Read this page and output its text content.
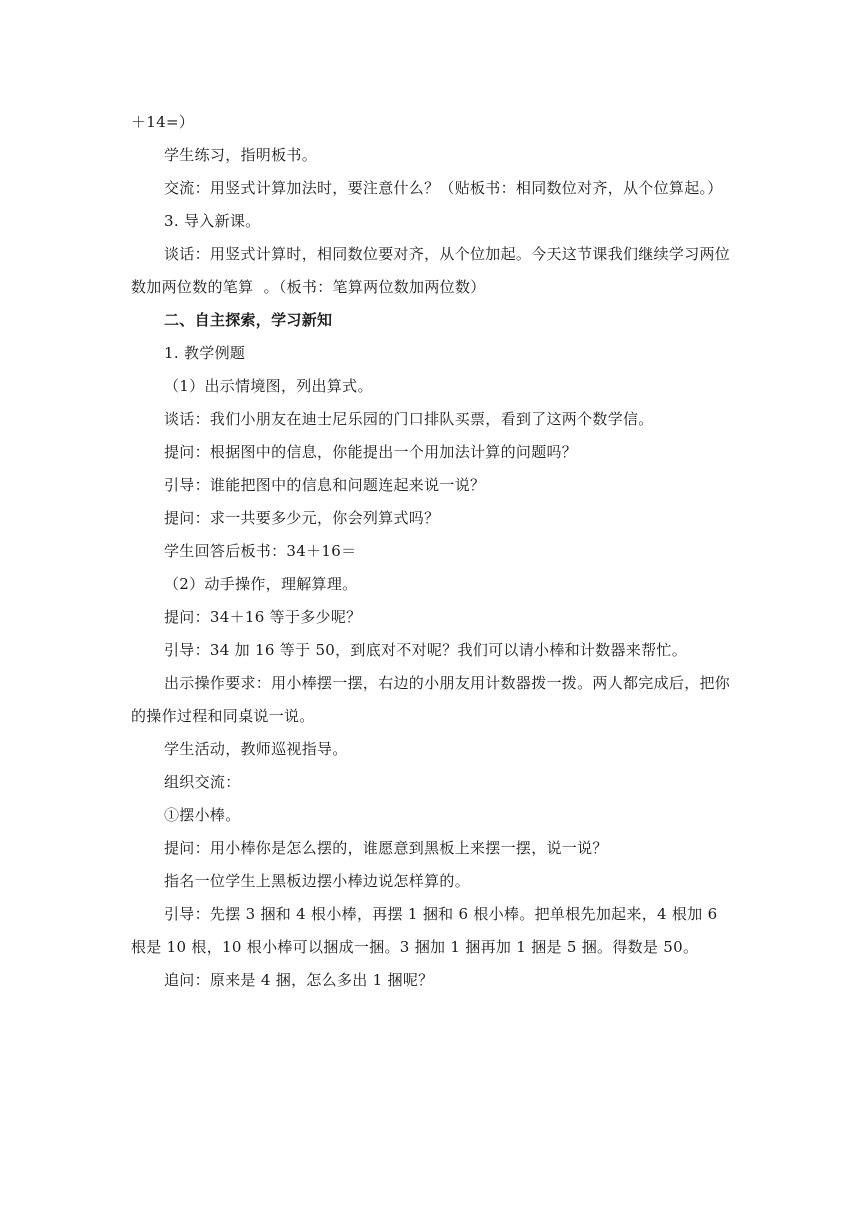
＋14=）

学生练习，指明板书。

交流：用竖式计算加法时，要注意什么？（贴板书：相同数位对齐，从个位算起。）

3. 导入新课。

谈话：用竖式计算时，相同数位要对齐，从个位加起。今天这节课我们继续学习两位数加两位数的笔算  。（板书：笔算两位数加两位数）

二、自主探索，学习新知

1. 教学例题

（1）出示情境图，列出算式。

谈话：我们小朋友在迪士尼乐园的门口排队买票，看到了这两个数学信。

提问：根据图中的信息，你能提出一个用加法计算的问题吗？

引导：谁能把图中的信息和问题连起来说一说？

提问：求一共要多少元，你会列算式吗？

学生回答后板书：34＋16＝

（2）动手操作，理解算理。

提问：34＋16 等于多少呢？

引导：34 加 16 等于 50，到底对不对呢？我们可以请小棒和计数器来帮忙。

出示操作要求：用小棒摆一摆，右边的小朋友用计数器拨一拨。两人都完成后，把你的操作过程和同桌说一说。

学生活动，教师巡视指导。

组织交流：

①摆小棒。

提问：用小棒你是怎么摆的，谁愿意到黑板上来摆一摆，说一说？

指名一位学生上黑板边摆小棒边说怎样算的。

引导：先摆 3 捆和 4 根小棒，再摆 1 捆和 6 根小棒。把单根先加起来，4 根加 6 根是 10 根，10 根小棒可以捆成一捆。3 捆加 1 捆再加 1 捆是 5 捆。得数是 50。

追问：原来是 4 捆，怎么多出 1 捆呢？
